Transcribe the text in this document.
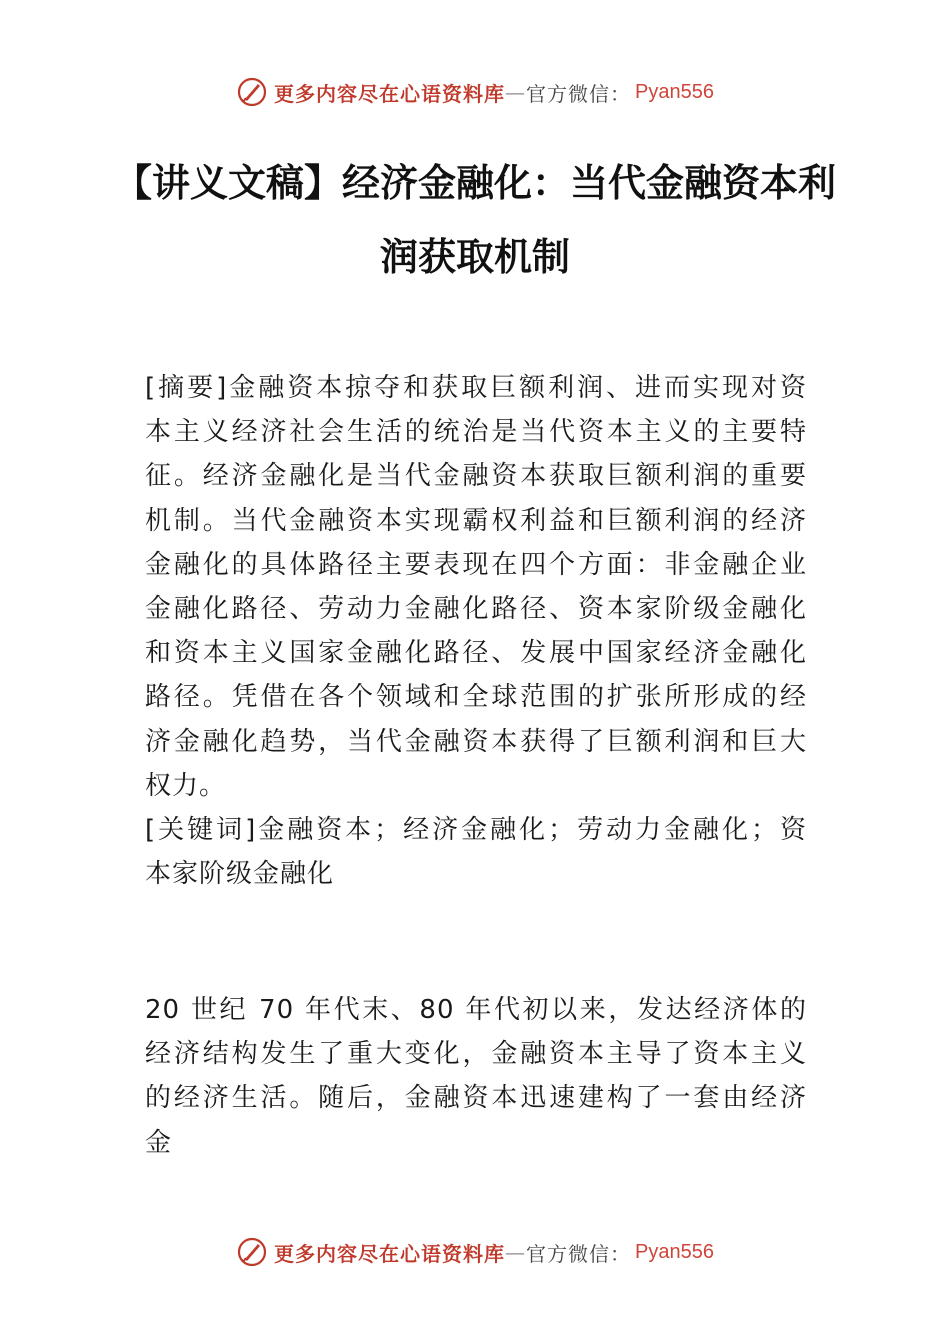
更多内容尽在心语资料库 — 官方微信： Pyan556
【讲义文稿】经济金融化：当代金融资本利
润获取机制
[摘要]金融资本掠夺和获取巨额利润、进而实现对资
本主义经济社会生活的统治是当代资本主义的主要特
征。经济金融化是当代金融资本获取巨额利润的重要
机制。当代金融资本实现霸权利益和巨额利润的经济
金融化的具体路径主要表现在四个方面：非金融企业
金融化路径、劳动力金融化路径、资本家阶级金融化
和资本主义国家金融化路径、发展中国家经济金融化
路径。凭借在各个领域和全球范围的扩张所形成的经
济金融化趋势，当代金融资本获得了巨额利润和巨大
权力。
[关键词]金融资本；经济金融化；劳动力金融化；资
本家阶级金融化
20 世纪 70 年代末、80 年代初以来，发达经济体的
经济结构发生了重大变化，金融资本主导了资本主义
的经济生活。随后，金融资本迅速建构了一套由经济
金
更多内容尽在心语资料库 — 官方微信： Pyan556
